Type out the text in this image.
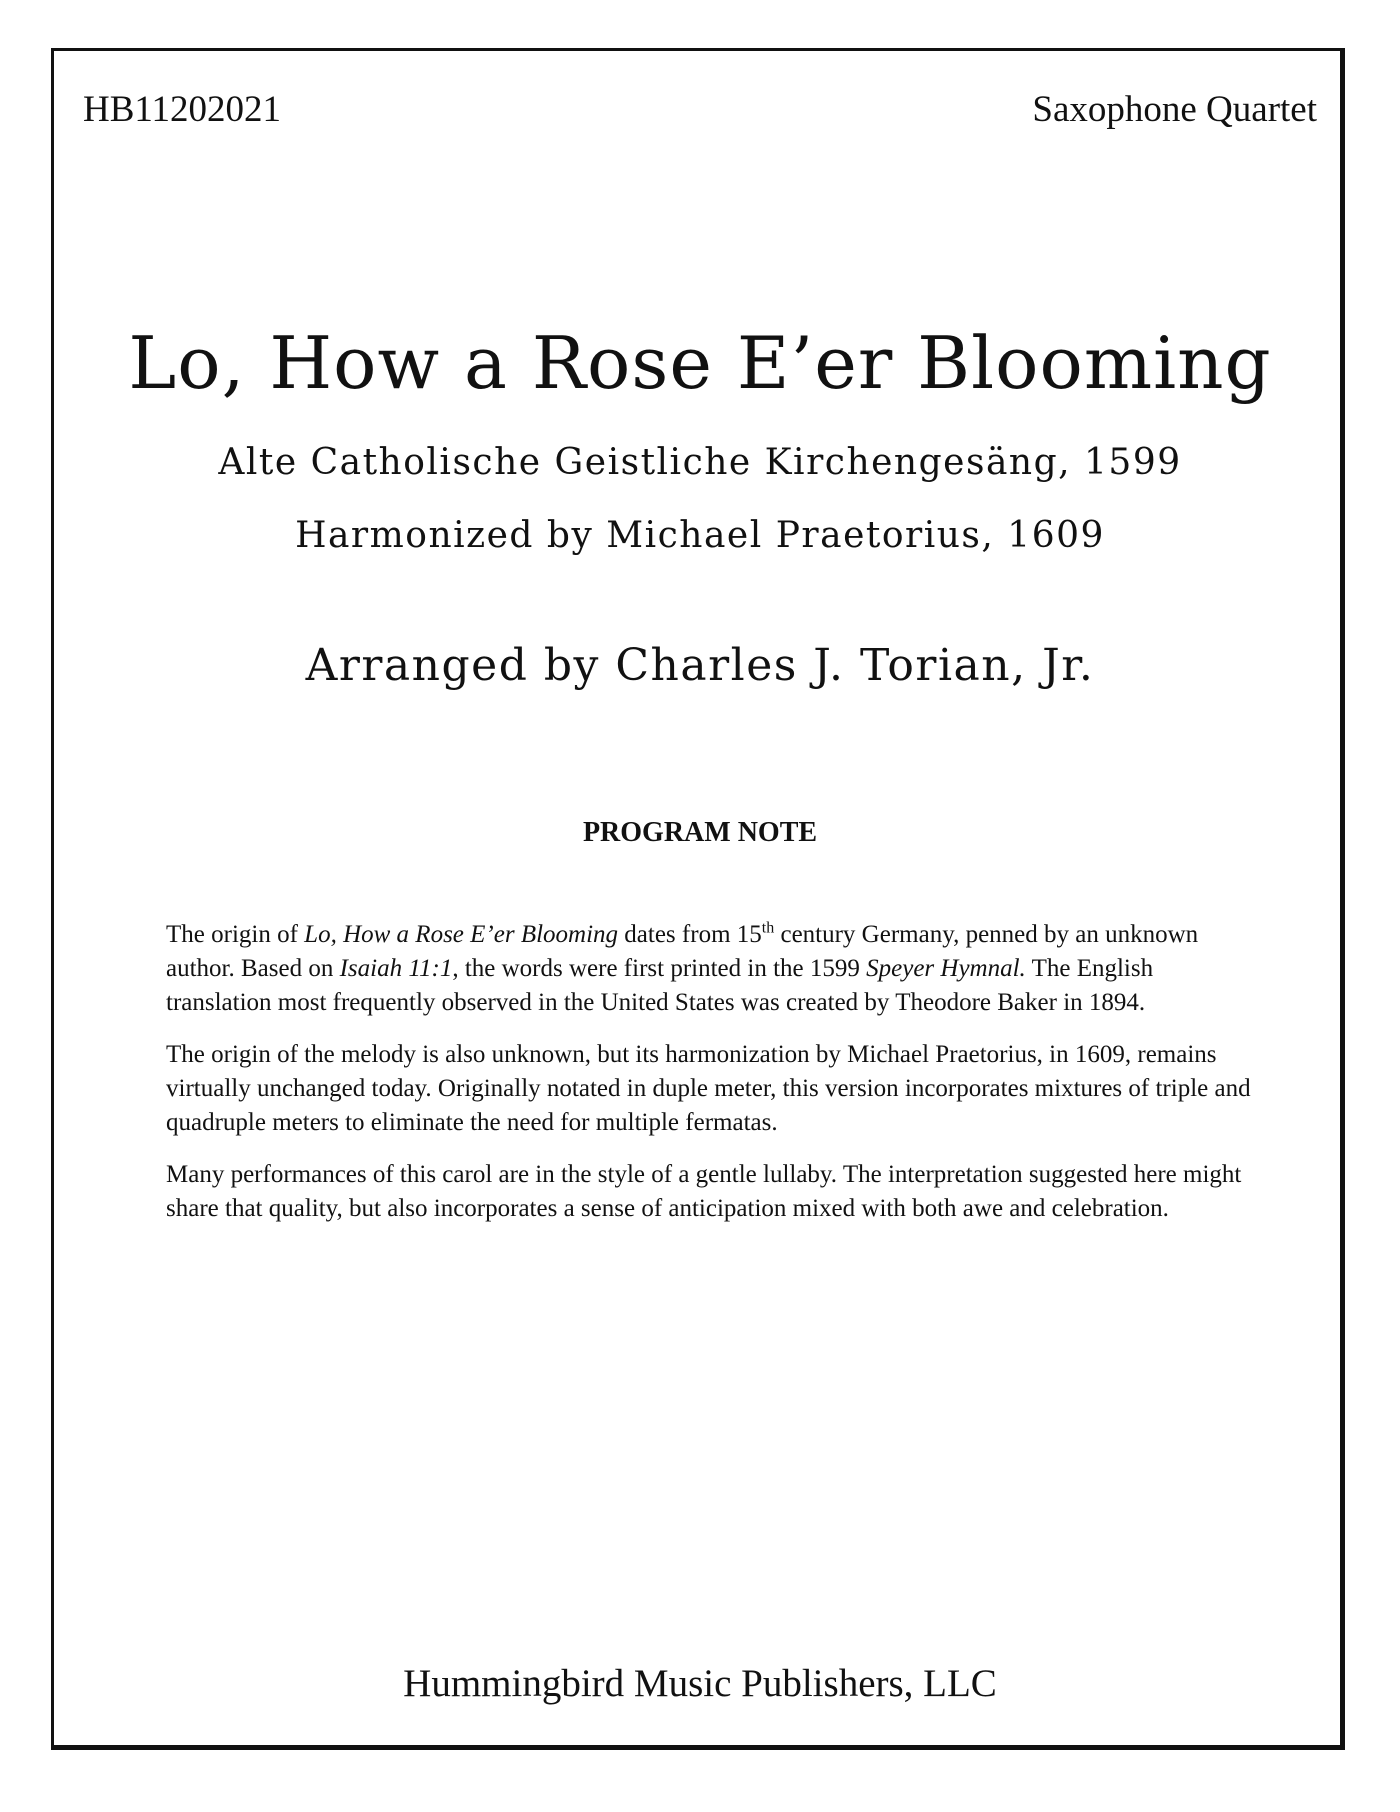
HB11202021	Saxophone Quartet
Lo, How a Rose E’er Blooming
Alte Catholische Geistliche Kirchengesäng, 1599
Harmonized by Michael Praetorius, 1609
Arranged by Charles J. Torian, Jr.
PROGRAM NOTE

The origin of Lo, How a Rose E’er Blooming dates from 15th century Germany, penned by an unknown author. Based on Isaiah 11:1, the words were first printed in the 1599 Speyer Hymnal. The English translation most frequently observed in the United States was created by Theodore Baker in 1894.

The origin of the melody is also unknown, but its harmonization by Michael Praetorius, in 1609, remains virtually unchanged today. Originally notated in duple meter, this version incorporates mixtures of triple and quadruple meters to eliminate the need for multiple fermatas.

Many performances of this carol are in the style of a gentle lullaby. The interpretation suggested here might share that quality, but also incorporates a sense of anticipation mixed with both awe and celebration.

Hummingbird Music Publishers, LLC
